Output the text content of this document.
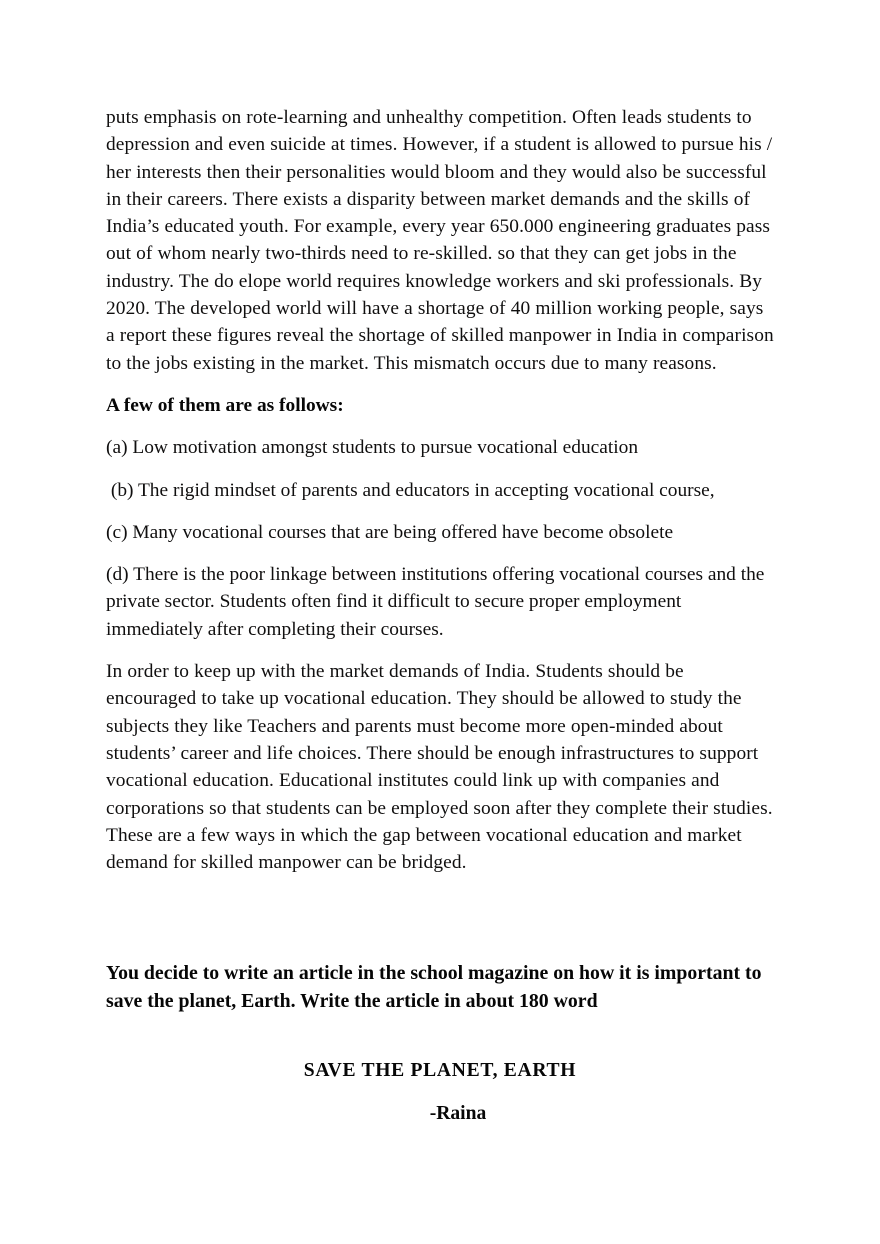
puts emphasis on rote-learning and unhealthy competition. Often leads students to depression and even suicide at times. However, if a student is allowed to pursue his / her interests then their personalities would bloom and they would also be successful in their careers. There exists a disparity between market demands and the skills of India’s educated youth. For example, every year 650.000 engineering graduates pass out of whom nearly two-thirds need to re-skilled. so that they can get jobs in the industry. The do elope world requires knowledge workers and ski professionals. By 2020. The developed world will have a shortage of 40 million working people, says a report these figures reveal the shortage of skilled manpower in India in comparison to the jobs existing in the market. This mismatch occurs due to many reasons.

A few of them are as follows:

(a) Low motivation amongst students to pursue vocational education

(b) The rigid mindset of parents and educators in accepting vocational course,

(c) Many vocational courses that are being offered have become obsolete

(d) There is the poor linkage between institutions offering vocational courses and the private sector. Students often find it difficult to secure proper employment immediately after completing their courses.

In order to keep up with the market demands of India. Students should be encouraged to take up vocational education. They should be allowed to study the subjects they like Teachers and parents must become more open-minded about students’ career and life choices. There should be enough infrastructures to support vocational education. Educational institutes could link up with companies and corporations so that students can be employed soon after they complete their studies. These are a few ways in which the gap between vocational education and market demand for skilled manpower can be bridged.

You decide to write an article in the school magazine on how it is important to save the planet, Earth. Write the article in about 180 word
SAVE THE PLANET, EARTH
-Raina
